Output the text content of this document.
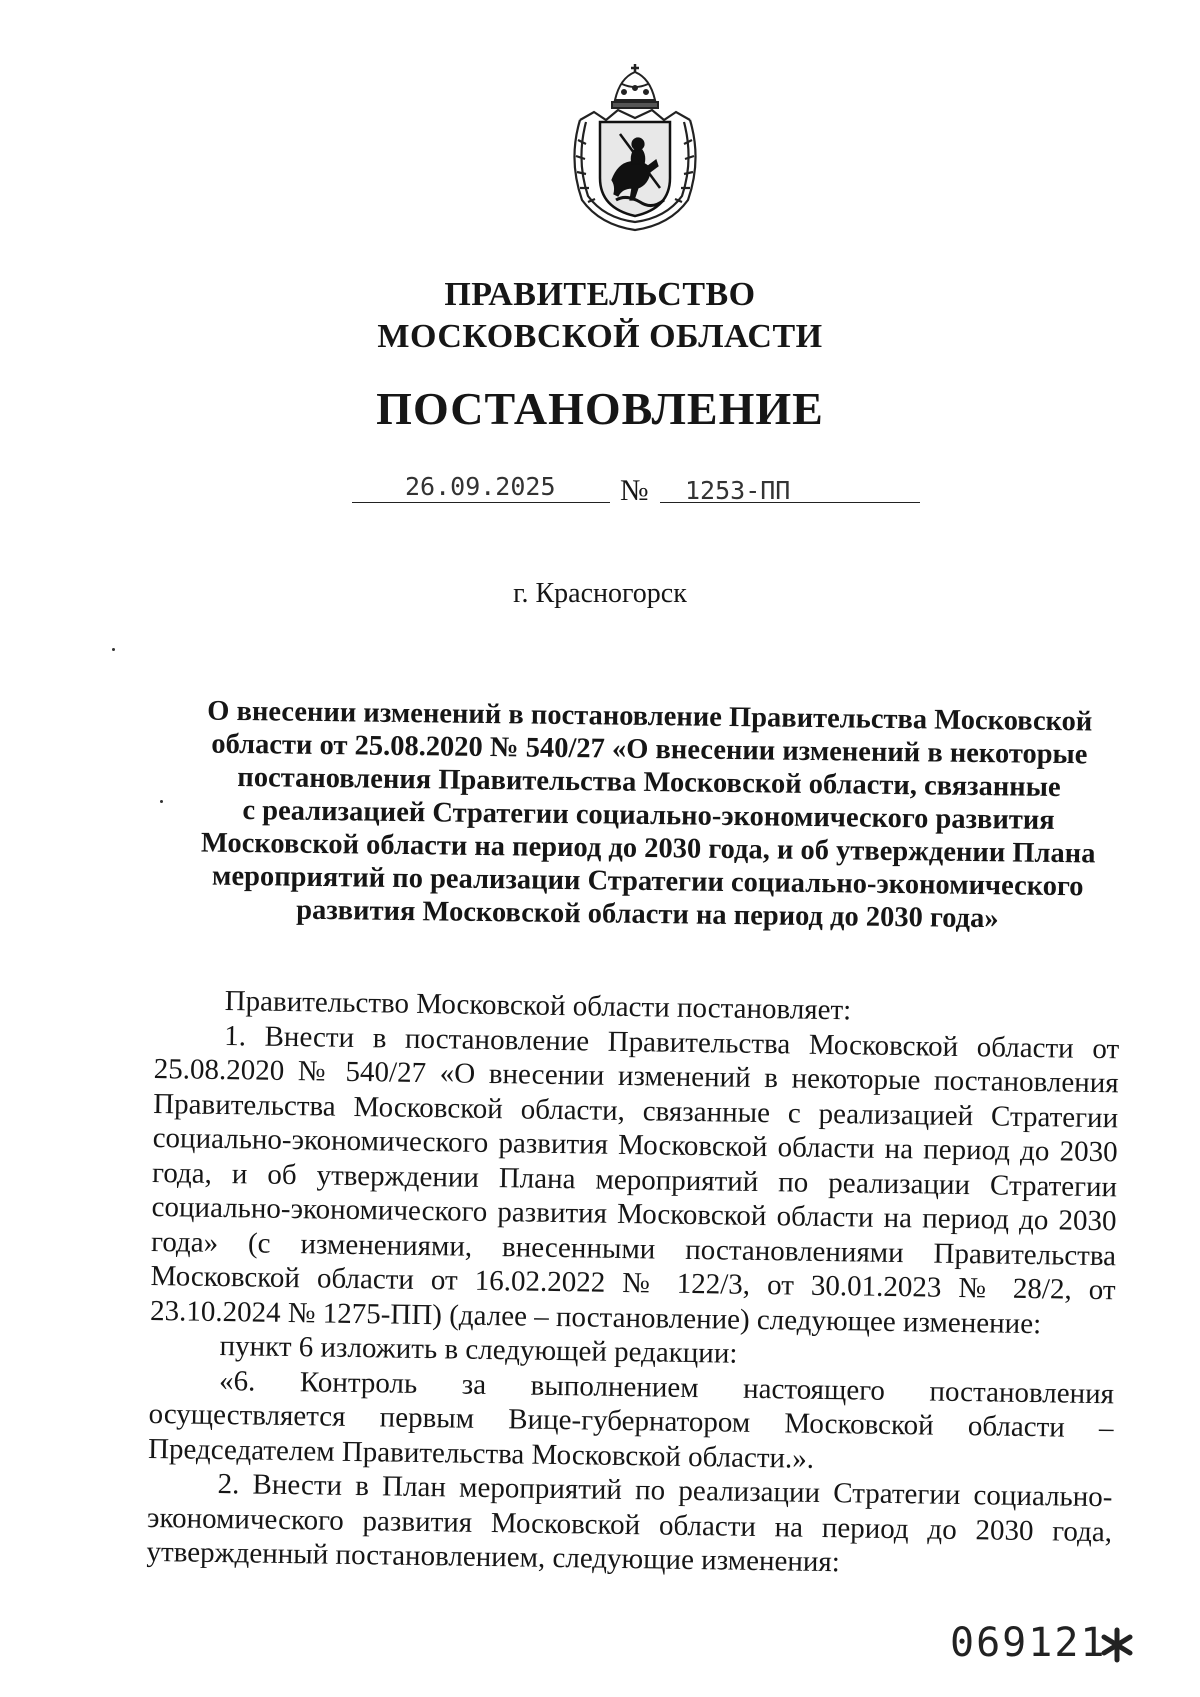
ПРАВИТЕЛЬСТВО
МОСКОВСКОЙ ОБЛАСТИ
ПОСТАНОВЛЕНИЕ
26.09.2025 № 1253-ПП
г. Красногорск
О внесении изменений в постановление Правительства Московской
области от 25.08.2020 № 540/27 «О внесении изменений в некоторые
постановления Правительства Московской области, связанные
с реализацией Стратегии социально-экономического развития
Московской области на период до 2030 года, и об утверждении Плана
мероприятий по реализации Стратегии социально-экономического
развития Московской области на период до 2030 года»
Правительство Московской области постановляет:
1. Внести в постановление Правительства Московской области от 25.08.2020 № 540/27 «О внесении изменений в некоторые постановления Правительства Московской области, связанные с реализацией Стратегии социально-экономического развития Московской области на период до 2030 года, и об утверждении Плана мероприятий по реализации Стратегии социально-экономического развития Московской области на период до 2030 года» (с изменениями, внесенными постановлениями Правительства Московской области от 16.02.2022 № 122/3, от 30.01.2023 № 28/2, от 23.10.2024 № 1275-ПП) (далее – постановление) следующее изменение:
пункт 6 изложить в следующей редакции:
«6. Контроль за выполнением настоящего постановления осуществляется первым Вице-губернатором Московской области – Председателем Правительства Московской области.».
2. Внести в План мероприятий по реализации Стратегии социально-экономического развития Московской области на период до 2030 года, утвержденный постановлением, следующие изменения:
069121
